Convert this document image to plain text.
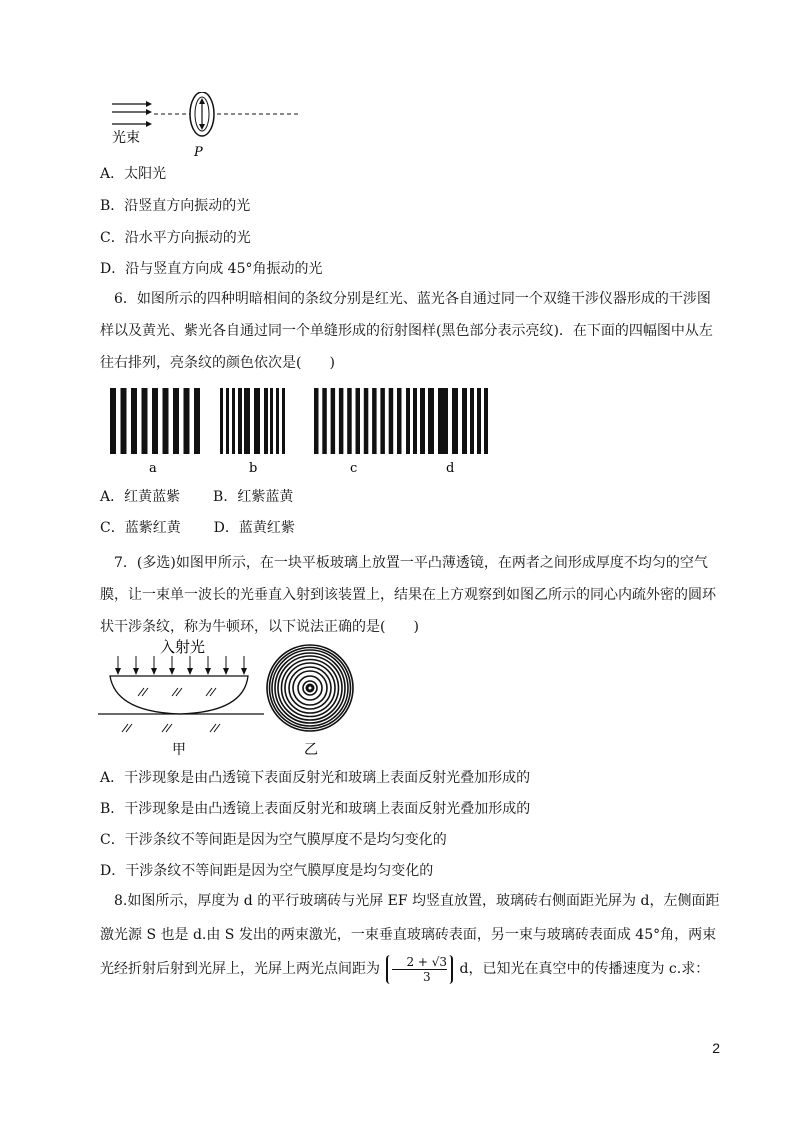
光束
P
A．太阳光
B．沿竖直方向振动的光
C．沿水平方向振动的光
D．沿与竖直方向成 45°角振动的光
6．如图所示的四种明暗相间的条纹分别是红光、蓝光各自通过同一个双缝干涉仪器形成的干涉图样以及黄光、紫光各自通过同一个单缝形成的衍射图样(黑色部分表示亮纹)．在下面的四幅图中从左往右排列，亮条纹的颜色依次是(　　)
a	b	c	d
A．红黄蓝紫 B．红紫蓝黄
C．蓝紫红黄 D．蓝黄红紫
7．(多选)如图甲所示，在一块平板玻璃上放置一平凸薄透镜，在两者之间形成厚度不均匀的空气膜，让一束单一波长的光垂直入射到该装置上，结果在上方观察到如图乙所示的同心内疏外密的圆环状干涉条纹，称为牛顿环，以下说法正确的是(　　)
入射光
甲	乙
A．干涉现象是由凸透镜下表面反射光和玻璃上表面反射光叠加形成的
B．干涉现象是由凸透镜上表面反射光和玻璃上表面反射光叠加形成的
C．干涉条纹不等间距是因为空气膜厚度不是均匀变化的
D．干涉条纹不等间距是因为空气膜厚度是均匀变化的
8.如图所示，厚度为 d 的平行玻璃砖与光屏 EF 均竖直放置，玻璃砖右侧面距光屏为 d，左侧面距激光源 S 也是 d.由 S 发出的两束激光，一束垂直玻璃砖表面，另一束与玻璃砖表面成 45°角，两束光经折射后射到光屏上，光屏上两光点间距为 $\frac{2 + √3}{3}$ d，已知光在真空中的传播速度为 c.求：
2
